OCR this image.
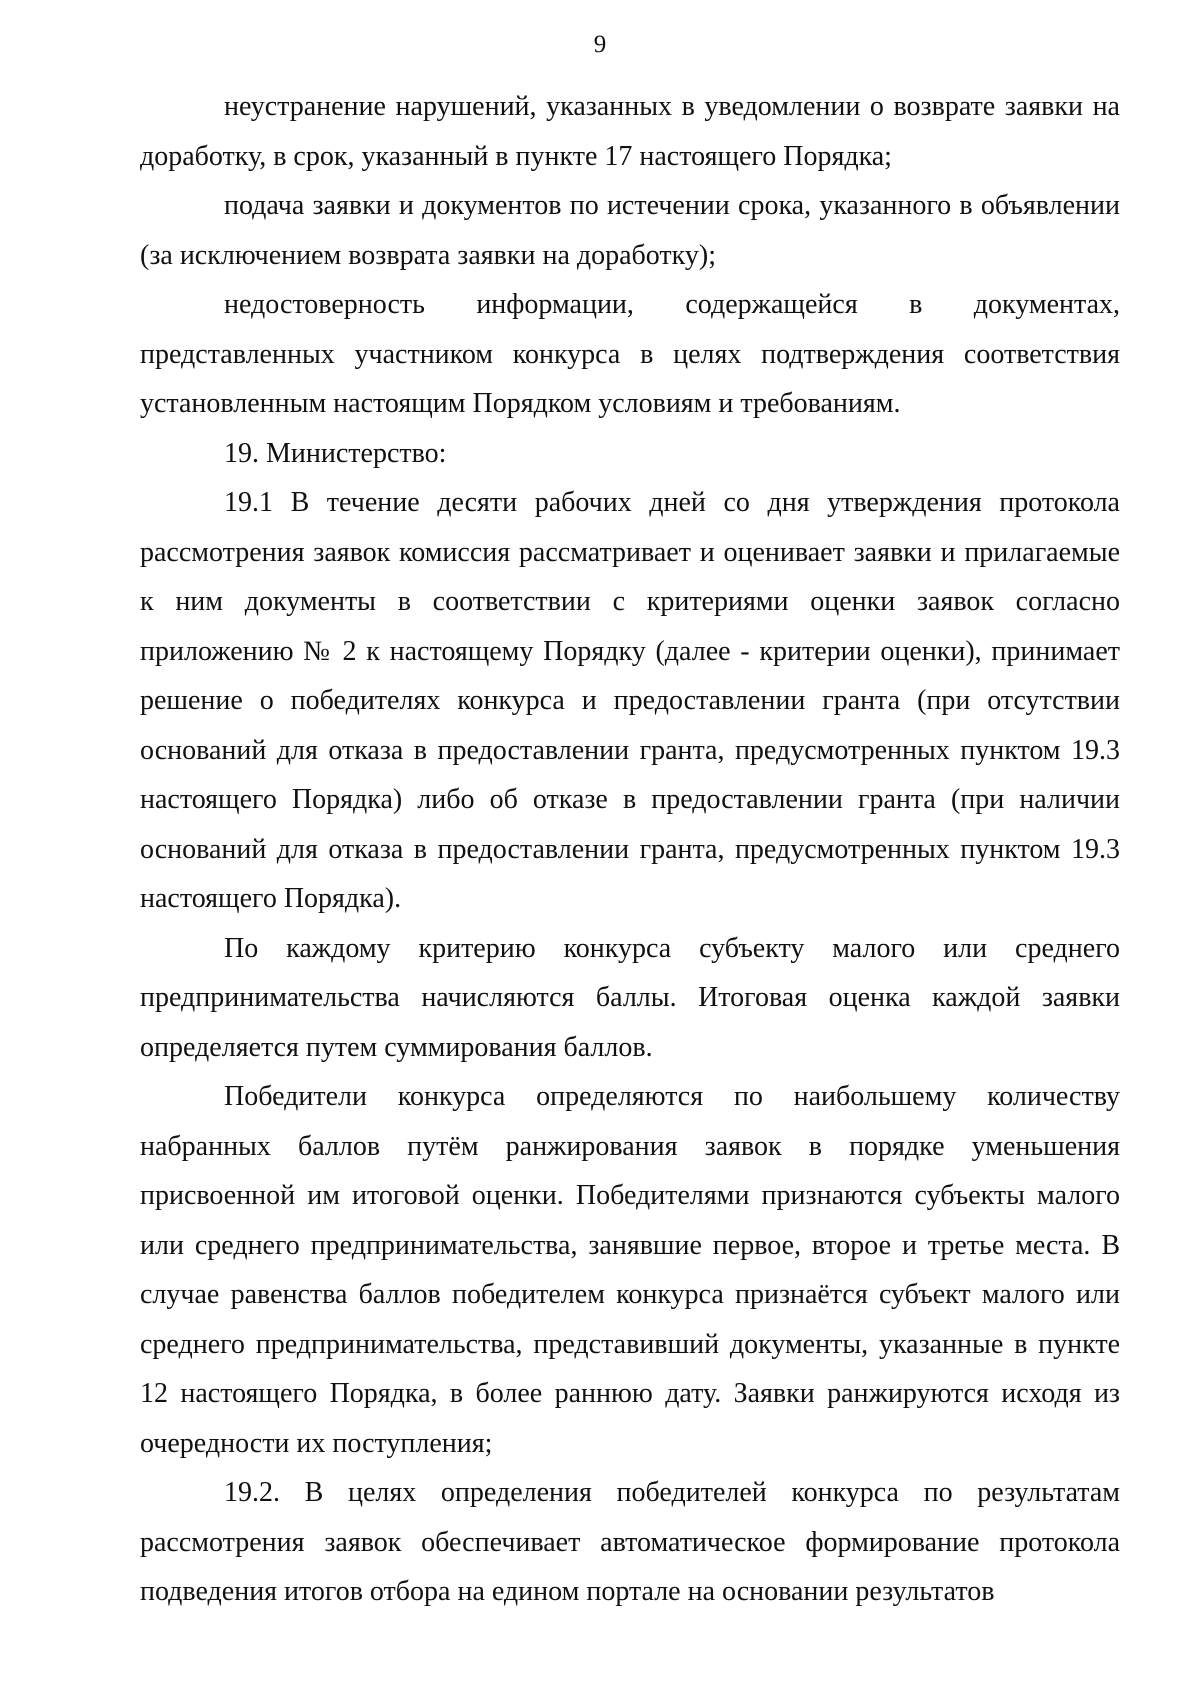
9

неустранение нарушений, указанных в уведомлении о возврате заявки на доработку, в срок, указанный в пункте 17 настоящего Порядка;

подача заявки и документов по истечении срока, указанного в объявлении (за исключением возврата заявки на доработку);

недостоверность информации, содержащейся в документах, представленных участником конкурса в целях подтверждения соответствия установленным настоящим Порядком условиям и требованиям.

19. Министерство:

19.1 В течение десяти рабочих дней со дня утверждения протокола рассмотрения заявок комиссия рассматривает и оценивает заявки и прилагаемые к ним документы в соответствии с критериями оценки заявок согласно приложению № 2 к настоящему Порядку (далее - критерии оценки), принимает решение о победителях конкурса и предоставлении гранта (при отсутствии оснований для отказа в предоставлении гранта, предусмотренных пунктом 19.3 настоящего Порядка) либо об отказе в предоставлении гранта (при наличии оснований для отказа в предоставлении гранта, предусмотренных пунктом 19.3 настоящего Порядка).

По каждому критерию конкурса субъекту малого или среднего предпринимательства начисляются баллы. Итоговая оценка каждой заявки определяется путем суммирования баллов.

Победители конкурса определяются по наибольшему количеству набранных баллов путём ранжирования заявок в порядке уменьшения присвоенной им итоговой оценки. Победителями признаются субъекты малого или среднего предпринимательства, занявшие первое, второе и третье места. В случае равенства баллов победителем конкурса признаётся субъект малого или среднего предпринимательства, представивший документы, указанные в пункте 12 настоящего Порядка, в более раннюю дату. Заявки ранжируются исходя из очередности их поступления;

19.2. В целях определения победителей конкурса по результатам рассмотрения заявок обеспечивает автоматическое формирование протокола подведения итогов отбора на едином портале на основании результатов
